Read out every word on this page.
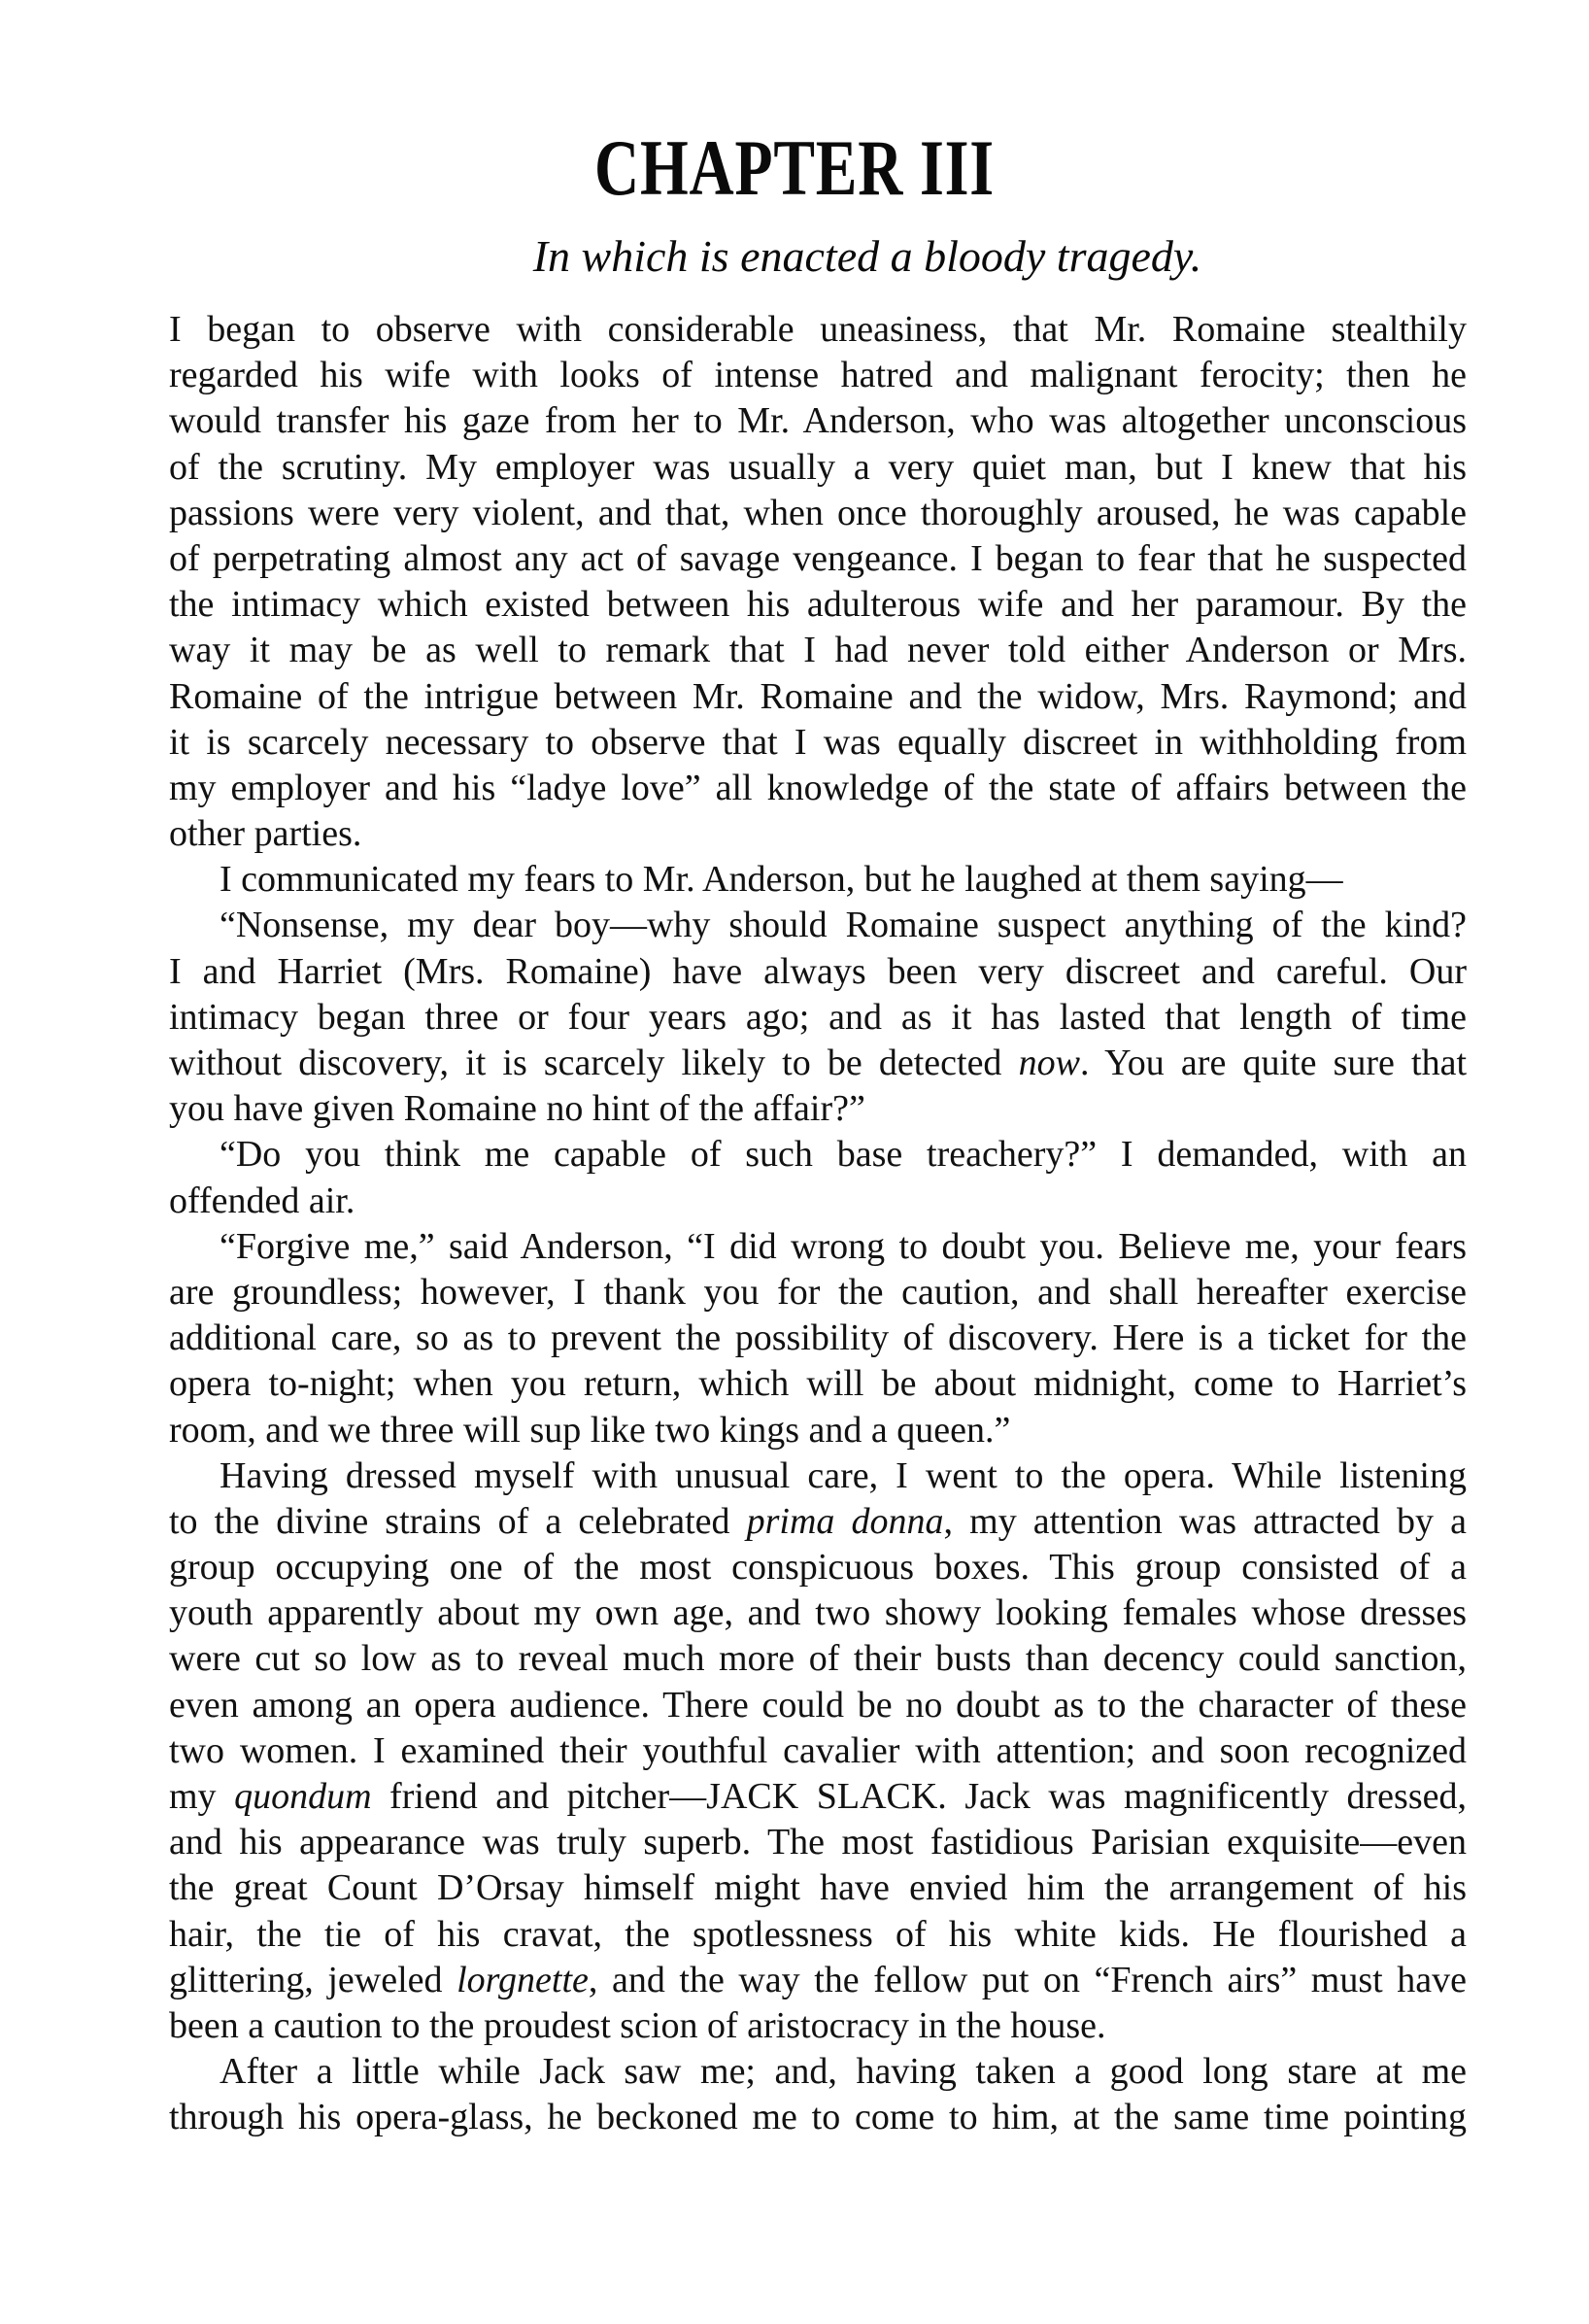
CHAPTER III
In which is enacted a bloody tragedy.
I began to observe with considerable uneasiness, that Mr. Romaine stealthily
regarded his wife with looks of intense hatred and malignant ferocity; then he
would transfer his gaze from her to Mr. Anderson, who was altogether unconscious
of the scrutiny. My employer was usually a very quiet man, but I knew that his
passions were very violent, and that, when once thoroughly aroused, he was capable
of perpetrating almost any act of savage vengeance. I began to fear that he suspected
the intimacy which existed between his adulterous wife and her paramour. By the
way it may be as well to remark that I had never told either Anderson or Mrs.
Romaine of the intrigue between Mr. Romaine and the widow, Mrs. Raymond; and
it is scarcely necessary to observe that I was equally discreet in withholding from
my employer and his “ladye love” all knowledge of the state of affairs between the
other parties.
I communicated my fears to Mr. Anderson, but he laughed at them saying—
“Nonsense, my dear boy—why should Romaine suspect anything of the kind?
I and Harriet (Mrs. Romaine) have always been very discreet and careful. Our
intimacy began three or four years ago; and as it has lasted that length of time
without discovery, it is scarcely likely to be detected now. You are quite sure that
you have given Romaine no hint of the affair?”
“Do you think me capable of such base treachery?” I demanded, with an
offended air.
“Forgive me,” said Anderson, “I did wrong to doubt you. Believe me, your fears
are groundless; however, I thank you for the caution, and shall hereafter exercise
additional care, so as to prevent the possibility of discovery. Here is a ticket for the
opera to-night; when you return, which will be about midnight, come to Harriet’s
room, and we three will sup like two kings and a queen.”
Having dressed myself with unusual care, I went to the opera. While listening
to the divine strains of a celebrated prima donna, my attention was attracted by a
group occupying one of the most conspicuous boxes. This group consisted of a
youth apparently about my own age, and two showy looking females whose dresses
were cut so low as to reveal much more of their busts than decency could sanction,
even among an opera audience. There could be no doubt as to the character of these
two women. I examined their youthful cavalier with attention; and soon recognized
my quondum friend and pitcher—JACK SLACK. Jack was magnificently dressed,
and his appearance was truly superb. The most fastidious Parisian exquisite—even
the great Count D’Orsay himself might have envied him the arrangement of his
hair, the tie of his cravat, the spotlessness of his white kids. He flourished a
glittering, jeweled lorgnette, and the way the fellow put on “French airs” must have
been a caution to the proudest scion of aristocracy in the house.
After a little while Jack saw me; and, having taken a good long stare at me
through his opera-glass, he beckoned me to come to him, at the same time pointing
